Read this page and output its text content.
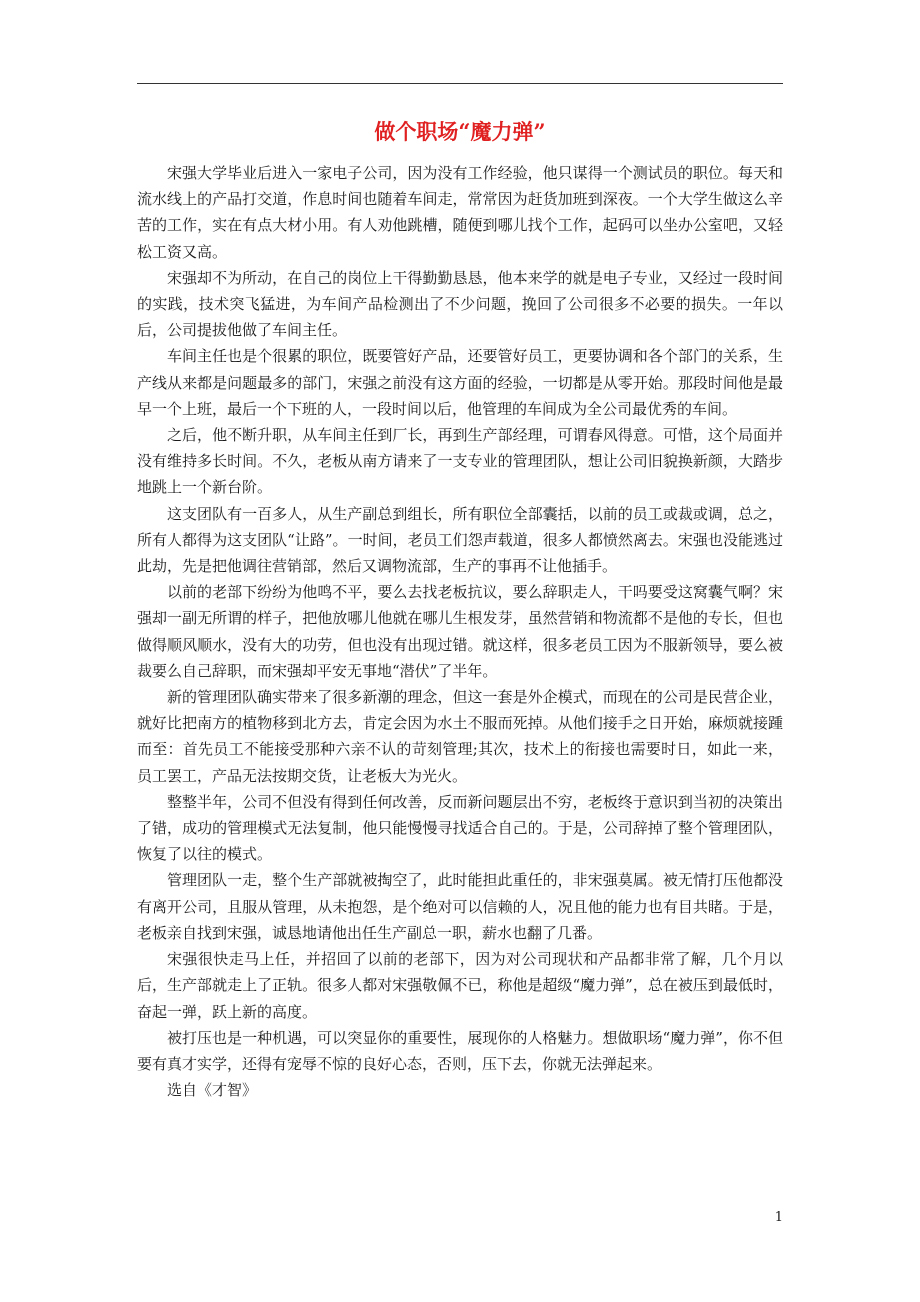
做个职场“魔力弹”

宋强大学毕业后进入一家电子公司，因为没有工作经验，他只谋得一个测试员的职位。每天和流水线上的产品打交道，作息时间也随着车间走，常常因为赶货加班到深夜。一个大学生做这么辛苦的工作，实在有点大材小用。有人劝他跳槽，随便到哪儿找个工作，起码可以坐办公室吧，又轻松工资又高。

宋强却不为所动，在自己的岗位上干得勤勤恳恳，他本来学的就是电子专业，又经过一段时间的实践，技术突飞猛进，为车间产品检测出了不少问题，挽回了公司很多不必要的损失。一年以后，公司提拔他做了车间主任。

车间主任也是个很累的职位，既要管好产品，还要管好员工，更要协调和各个部门的关系，生产线从来都是问题最多的部门，宋强之前没有这方面的经验，一切都是从零开始。那段时间他是最早一个上班，最后一个下班的人，一段时间以后，他管理的车间成为全公司最优秀的车间。

之后，他不断升职，从车间主任到厂长，再到生产部经理，可谓春风得意。可惜，这个局面并没有维持多长时间。不久，老板从南方请来了一支专业的管理团队，想让公司旧貌换新颜，大踏步地跳上一个新台阶。

这支团队有一百多人，从生产副总到组长，所有职位全部囊括，以前的员工或裁或调，总之，所有人都得为这支团队“让路”。一时间，老员工们怨声载道，很多人都愤然离去。宋强也没能逃过此劫，先是把他调往营销部，然后又调物流部，生产的事再不让他插手。

以前的老部下纷纷为他鸣不平，要么去找老板抗议，要么辞职走人，干吗要受这窝囊气啊？宋强却一副无所谓的样子，把他放哪儿他就在哪儿生根发芽，虽然营销和物流都不是他的专长，但也做得顺风顺水，没有大的功劳，但也没有出现过错。就这样，很多老员工因为不服新领导，要么被裁要么自己辞职，而宋强却平安无事地“潜伏”了半年。

新的管理团队确实带来了很多新潮的理念，但这一套是外企模式，而现在的公司是民营企业，就好比把南方的植物移到北方去，肯定会因为水土不服而死掉。从他们接手之日开始，麻烦就接踵而至：首先员工不能接受那种六亲不认的苛刻管理;其次，技术上的衔接也需要时日，如此一来，员工罢工，产品无法按期交货，让老板大为光火。

整整半年，公司不但没有得到任何改善，反而新问题层出不穷，老板终于意识到当初的决策出了错，成功的管理模式无法复制，他只能慢慢寻找适合自己的。于是，公司辞掉了整个管理团队，恢复了以往的模式。

管理团队一走，整个生产部就被掏空了，此时能担此重任的，非宋强莫属。被无情打压他都没有离开公司，且服从管理，从未抱怨，是个绝对可以信赖的人，况且他的能力也有目共睹。于是，老板亲自找到宋强，诚恳地请他出任生产副总一职，薪水也翻了几番。

宋强很快走马上任，并招回了以前的老部下，因为对公司现状和产品都非常了解，几个月以后，生产部就走上了正轨。很多人都对宋强敬佩不已，称他是超级“魔力弹”，总在被压到最低时，奋起一弹，跃上新的高度。

被打压也是一种机遇，可以突显你的重要性，展现你的人格魅力。想做职场“魔力弹”，你不但要有真才实学，还得有宠辱不惊的良好心态，否则，压下去，你就无法弹起来。

选自《才智》

1
